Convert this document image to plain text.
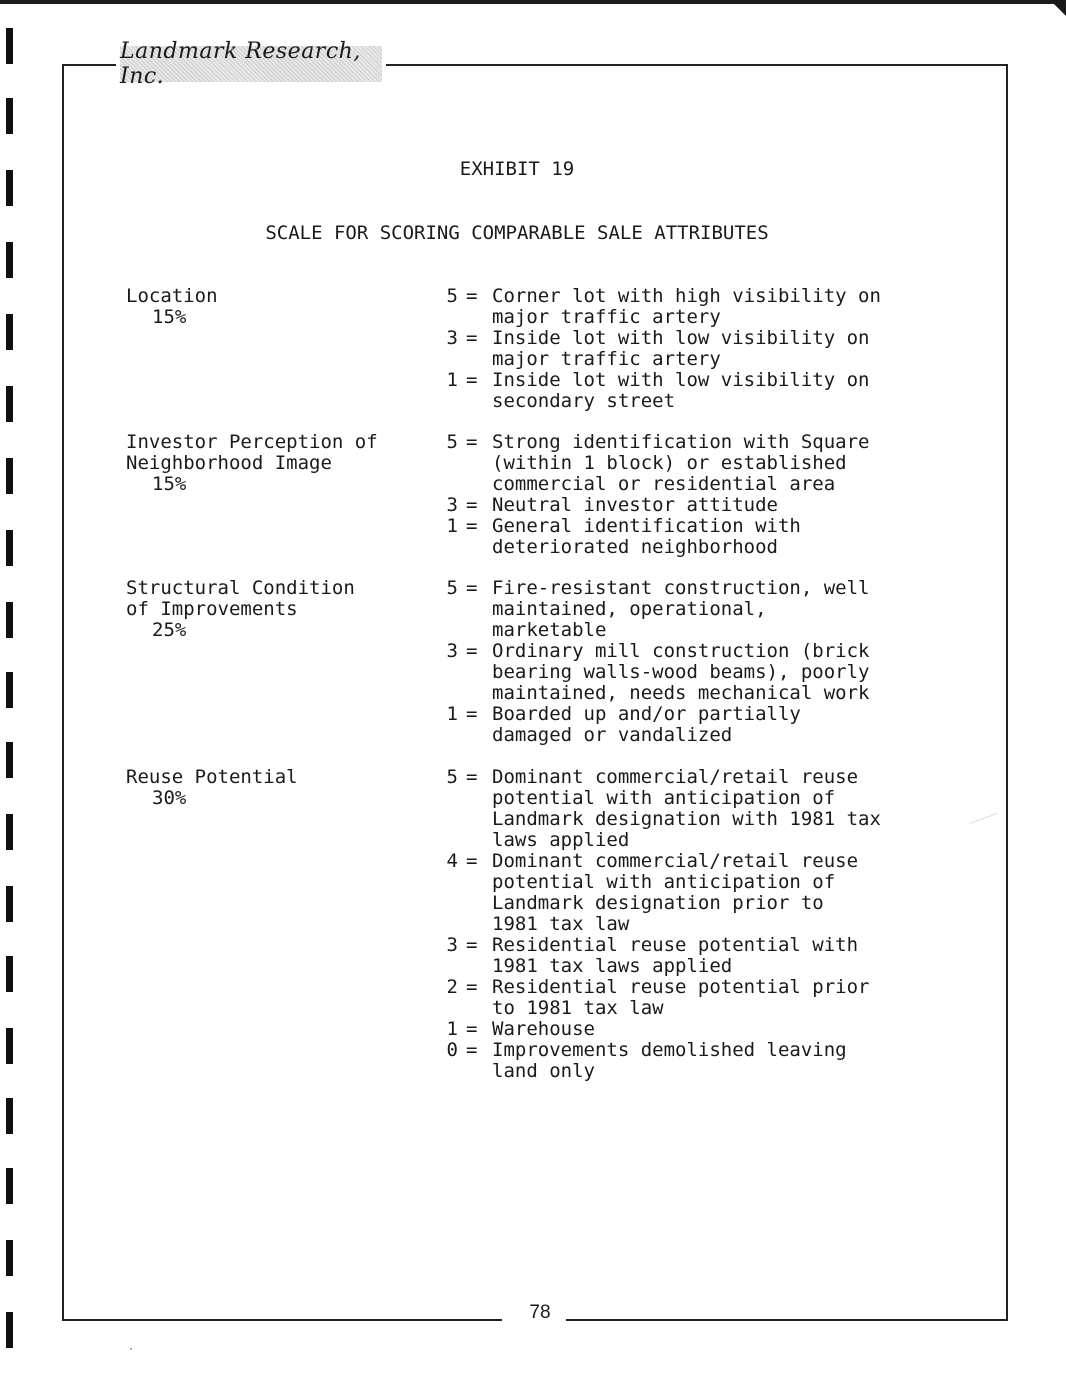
Landmark Research, Inc.
EXHIBIT 19
SCALE FOR SCORING COMPARABLE SALE ATTRIBUTES
Location
15%
5 = Corner lot with high visibility on
major traffic artery
3 = Inside lot with low visibility on
major traffic artery
1 = Inside lot with low visibility on
secondary street
Investor Perception of
Neighborhood Image
15%
5 = Strong identification with Square
(within 1 block) or established
commercial or residential area
3 = Neutral investor attitude
1 = General identification with
deteriorated neighborhood
Structural Condition
of Improvements
25%
5 = Fire-resistant construction, well
maintained, operational,
marketable
3 = Ordinary mill construction (brick
bearing walls-wood beams), poorly
maintained, needs mechanical work
1 = Boarded up and/or partially
damaged or vandalized
Reuse Potential
30%
5 = Dominant commercial/retail reuse
potential with anticipation of
Landmark designation with 1981 tax
laws applied
4 = Dominant commercial/retail reuse
potential with anticipation of
Landmark designation prior to
1981 tax law
3 = Residential reuse potential with
1981 tax laws applied
2 = Residential reuse potential prior
to 1981 tax law
1 = Warehouse
0 = Improvements demolished leaving
land only
78
